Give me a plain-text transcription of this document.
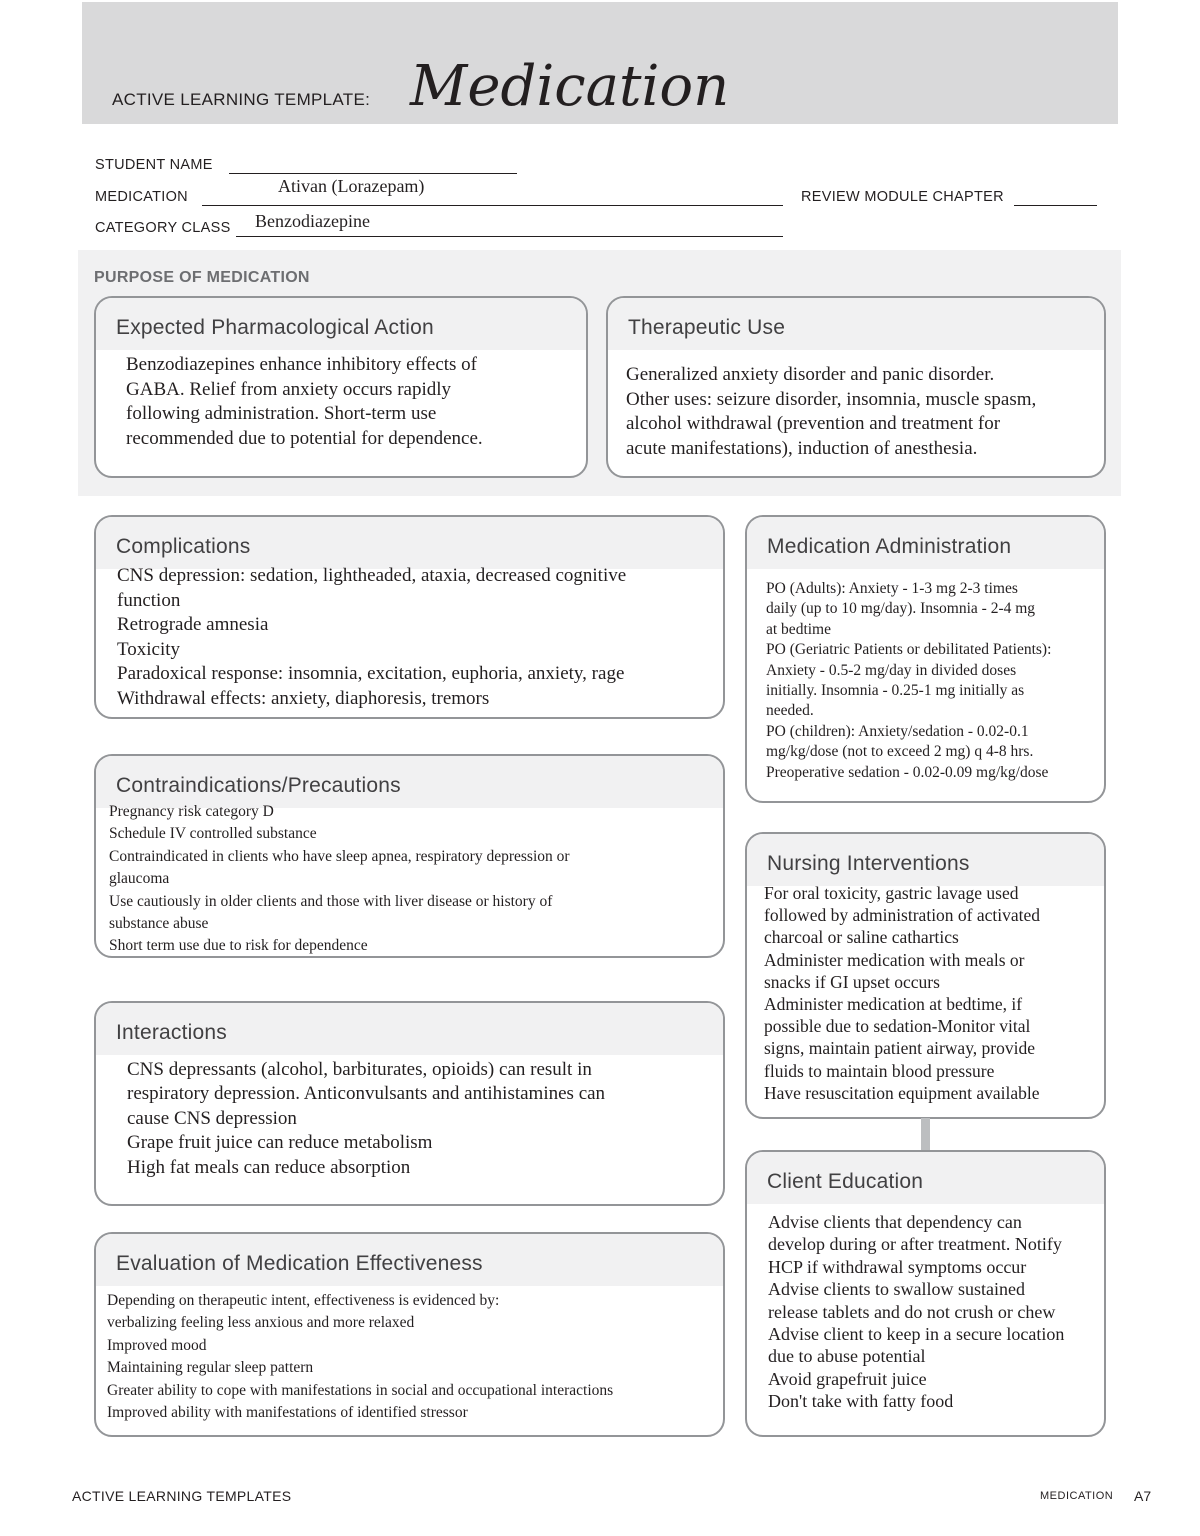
ACTIVE LEARNING TEMPLATE: Medication
STUDENT NAME
MEDICATION
Ativan (Lorazepam)
REVIEW MODULE CHAPTER
CATEGORY CLASS Benzodiazepine
PURPOSE OF MEDICATION
Expected Pharmacological Action
Benzodiazepines enhance inhibitory effects of
GABA. Relief from anxiety occurs rapidly
following administration. Short-term use
recommended due to potential for dependence.
Therapeutic Use
Generalized anxiety disorder and panic disorder.
Other uses: seizure disorder, insomnia, muscle spasm,
alcohol withdrawal (prevention and treatment for
acute manifestations), induction of anesthesia.
Complications
CNS depression: sedation, lightheaded, ataxia, decreased cognitive
function
Retrograde amnesia
Toxicity
Paradoxical response: insomnia, excitation, euphoria, anxiety, rage
Withdrawal effects: anxiety, diaphoresis, tremors
Medication Administration
PO (Adults): Anxiety - 1-3 mg 2-3 times
daily (up to 10 mg/day). Insomnia - 2-4 mg
at bedtime
PO (Geriatric Patients or debilitated Patients):
Anxiety - 0.5-2 mg/day in divided doses
initially. Insomnia - 0.25-1 mg initially as
needed.
PO (children): Anxiety/sedation - 0.02-0.1
mg/kg/dose (not to exceed 2 mg) q 4-8 hrs.
Preoperative sedation - 0.02-0.09 mg/kg/dose
Contraindications/Precautions
Pregnancy risk category D
Schedule IV controlled substance
Contraindicated in clients who have sleep apnea, respiratory depression or
glaucoma
Use cautiously in older clients and those with liver disease or history of
substance abuse
Short term use due to risk for dependence
Nursing Interventions
For oral toxicity, gastric lavage used
followed by administration of activated
charcoal or saline cathartics
Administer medication with meals or
snacks if GI upset occurs
Administer medication at bedtime, if
possible due to sedation-Monitor vital
signs, maintain patient airway, provide
fluids to maintain blood pressure
Have resuscitation equipment available
Interactions
CNS depressants (alcohol, barbiturates, opioids) can result in
respiratory depression. Anticonvulsants and antihistamines can
cause CNS depression
Grape fruit juice can reduce metabolism
High fat meals can reduce absorption
Client Education
Advise clients that dependency can
develop during or after treatment. Notify
HCP if withdrawal symptoms occur
Advise clients to swallow sustained
release tablets and do not crush or chew
Advise client to keep in a secure location
due to abuse potential
Avoid grapefruit juice
Don't take with fatty food
Evaluation of Medication Effectiveness
Depending on therapeutic intent, effectiveness is evidenced by:
verbalizing feeling less anxious and more relaxed
Improved mood
Maintaining regular sleep pattern
Greater ability to cope with manifestations in social and occupational interactions
Improved ability with manifestations of identified stressor
ACTIVE LEARNING TEMPLATES	MEDICATION A7
